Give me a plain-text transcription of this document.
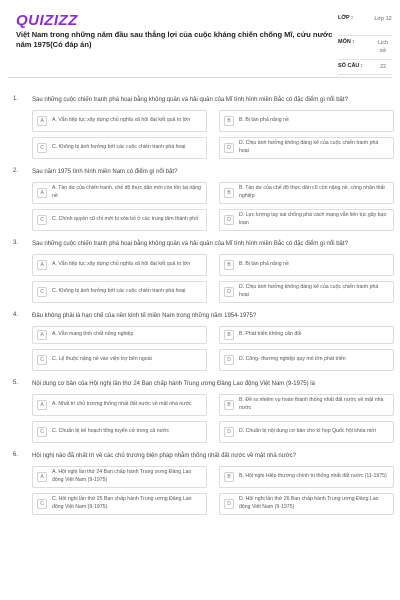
QUIZIZZ
Việt Nam trong những năm đầu sau thắng lợi của cuộc kháng chiến chống Mĩ, cứu nước năm 1975(Có đáp án)
LỚP :	Lớp 12
MÔN :	Lịch sử
SỐ CÂU :	22
1. Sau những cuộc chiến tranh phá hoại bằng không quân và hải quân của Mĩ tình hình miền Bắc có đặc điểm gì nổi bật?
A	A. Vẫn tiếp tục xây dựng chủ nghĩa xã hội đạt kết quả to lớn	B	B. Bị tàn phá nặng nề
C	C. Không bị ảnh hưởng bởi các cuộc chiến tranh phá hoại	D
D. Chịu ảnh hưởng không đáng kể của cuộc chiến tranh phá hoại
2. Sau năm 1975 tình hình miền Nam có điểm gì nổi bật?
A
A. Tàn dư của chiến tranh, chế độ thực dân mới còn tồn tại nặng nề	B
B. Tàn dư của chế độ thực dân cũ còn nặng nề, công nhân thất nghiệp
C	C. Chính quyền cũ chỉ mới bị xóa bỏ ở các trung tâm thành phố	D
D. Lực lượng tay sai chống phá cách mạng vẫn liên tục gây bạo loạn
3. Sau những cuộc chiến tranh phá hoại bằng không quân và hải quân của Mĩ tình hình miền Bắc có đặc điểm gì nổi bật?
A	A. Vẫn tiếp tục xây dựng chủ nghĩa xã hội đạt kết quả to lớn	B	B. Bị tàn phá nặng nề
C	C. Không bị ảnh hưởng bởi các cuộc chiến tranh phá hoại	D
D. Chịu ảnh hưởng không đáng kể của cuộc chiến tranh phá hoại
4. Đâu không phải là hạn chế của nền kinh tế miền Nam trong những năm 1954-1975?
A	A. Vẫn mang tính chất nông nghiệp	B	B. Phát triển không cân đối
C	C. Lệ thuộc nặng nề vào viện trợ bên ngoài	D	D. Công- thương nghiệp quy mô lớn phát triển
5. Nội dung cơ bản của Hội nghị lần thứ 24 Ban chấp hành Trung ương Đảng Lao động Việt Nam (9-1975) là
A	A. Nhất trí chủ trương thống nhất đất nước về mặt nhà nước	B
B. Đề ra nhiệm vụ hoàn thành thống nhất đất nước về mặt nhà nước
C	C. Chuẩn bị kế hoạch tổng tuyển cử trong cả nước	D	D. Chuẩn bị nội dung cơ bản cho kì họp Quốc hội khóa mới
6. Hội nghị nào đã nhất trí về các chủ trương biện pháp nhằm thống nhất đất nước về mặt nhà nước?
A
A. Hội nghị lần thứ 24 Ban chấp hành Trung ương Đảng Lao động Việt Nam (9-1975)	B	B. Hội nghị Hiệp thương chính trị thống nhất đất nước (11-1975)
C
C. Hội nghị lần thứ 25 Ban chấp hành Trung ương Đảng Lao động Việt Nam (9-1975)	D
D. Hội nghị lần thứ 26 Ban chấp hành Trung ương Đảng Lao động Việt Nam (9-1975)
